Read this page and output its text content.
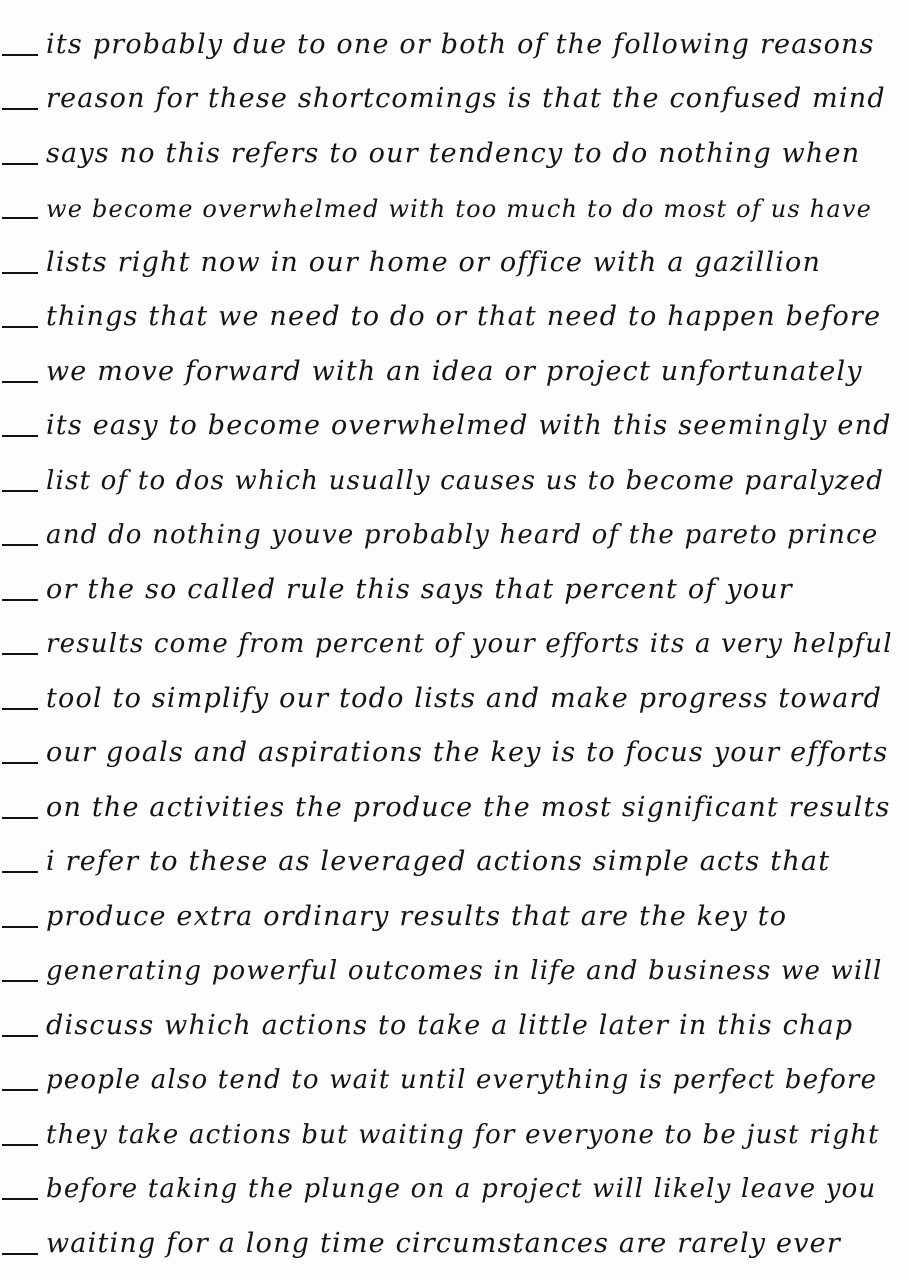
its probably due to one or both of the following reasons
reason for these shortcomings is that the confused mind
says no this refers to our tendency to do nothing when
we become overwhelmed with too much to do most of us have
lists right now in our home or office with a gazillion
things that we need to do or that need to happen before
we move forward with an idea or project unfortunately
its easy to become overwhelmed with this seemingly end
list of to dos which usually causes us to become paralyzed
and do nothing youve probably heard of the pareto prince
or the so called rule this says that percent of your
results come from percent of your efforts its a very helpful
tool to simplify our todo lists and make progress toward
our goals and aspirations the key is to focus your efforts
on the activities the produce the most significant results
i refer to these as leveraged actions simple acts that
produce extra ordinary results that are the key to
generating powerful outcomes in life and business we will
discuss which actions to take a little later in this chap
people also tend to wait until everything is perfect before
they take actions but waiting for everyone to be just right
before taking the plunge on a project will likely leave you
waiting for a long time circumstances are rarely ever
